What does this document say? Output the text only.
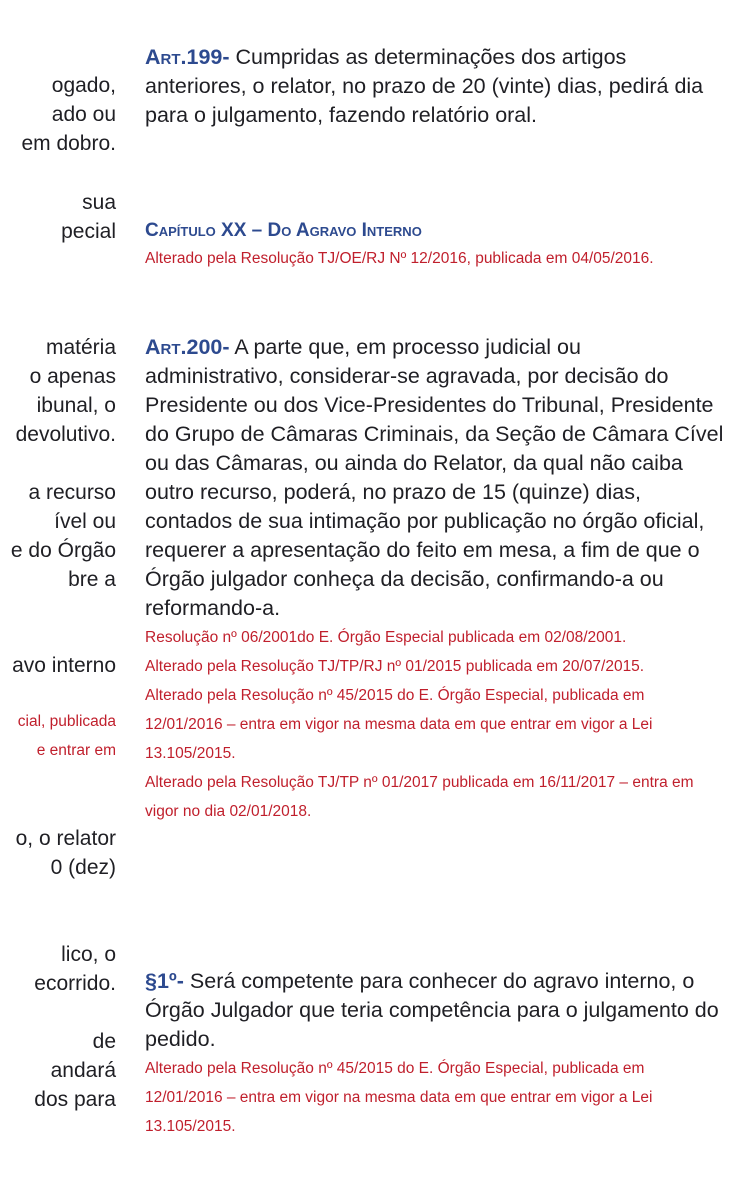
ogado,
ado ou
em dobro.
sua
pecial
matéria
o apenas
ibunal, o
devolutivo.
a recurso
ível ou
e do Órgão
bre a
avo interno
cial, publicada
e entrar em
o, o relator
0 (dez)
lico, o
ecorrido.
de
andará
dos para

Art.199- Cumpridas as determinações dos artigos anteriores, o relator, no prazo de 20 (vinte) dias, pedirá dia para o julgamento, fazendo relatório oral.

Capítulo XX – Do Agravo Interno

Alterado pela Resolução TJ/OE/RJ Nº 12/2016, publicada em 04/05/2016.

Art.200- A parte que, em processo judicial ou administrativo, considerar-se agravada, por decisão do Presidente ou dos Vice-Presidentes do Tribunal, Presidente do Grupo de Câmaras Criminais, da Seção de Câmara Cível ou das Câmaras, ou ainda do Relator, da qual não caiba outro recurso, poderá, no prazo de 15 (quinze) dias, contados de sua intimação por publicação no órgão oficial, requerer a apresentação do feito em mesa, a fim de que o Órgão julgador conheça da decisão, confirmando-a ou reformando-a.

Resolução nº 06/2001do E. Órgão Especial publicada em 02/08/2001.

Alterado pela Resolução TJ/TP/RJ nº 01/2015 publicada em 20/07/2015.

Alterado pela Resolução nº 45/2015 do E. Órgão Especial, publicada em 12/01/2016 – entra em vigor na mesma data em que entrar em vigor a Lei 13.105/2015.

Alterado pela Resolução TJ/TP nº 01/2017 publicada em 16/11/2017 – entra em vigor no dia 02/01/2018.

§1º- Será competente para conhecer do agravo interno, o Órgão Julgador que teria competência para o julgamento do pedido.

Alterado pela Resolução nº 45/2015 do E. Órgão Especial, publicada em 12/01/2016 – entra em vigor na mesma data em que entrar em vigor a Lei 13.105/2015.
